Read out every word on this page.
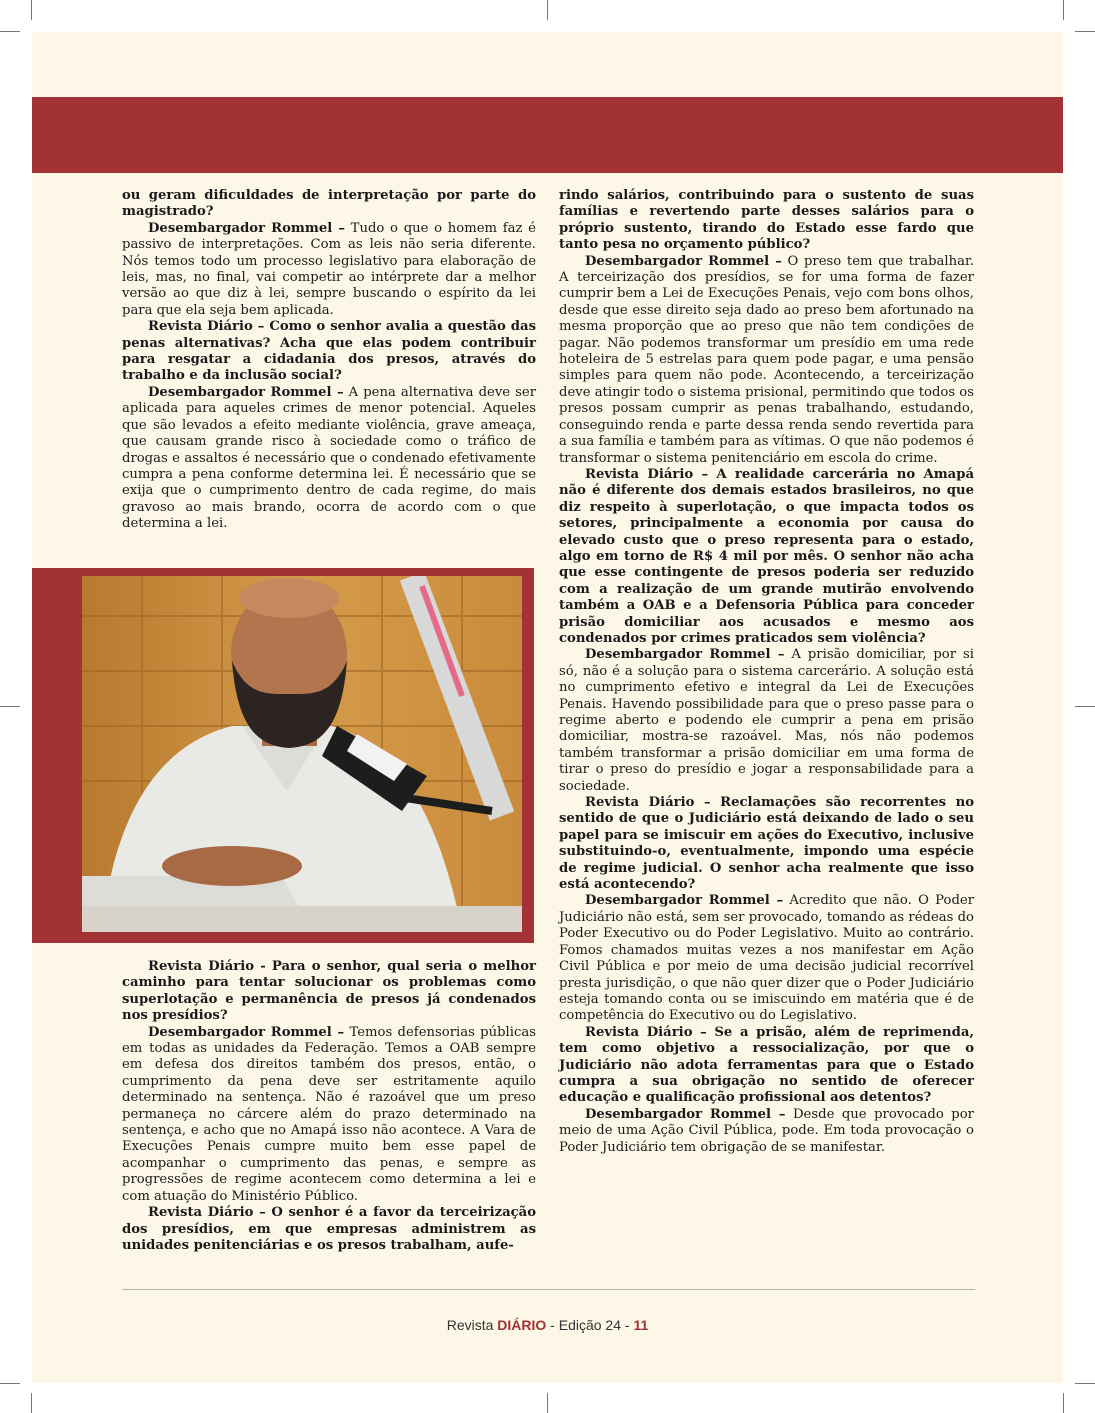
ou geram dificuldades de interpretação por parte do magistrado?

Desembargador Rommel – Tudo o que o homem faz é passivo de interpretações. Com as leis não seria diferente. Nós temos todo um processo legislativo para elaboração de leis, mas, no final, vai competir ao intérprete dar a melhor versão ao que diz à lei, sempre buscando o espírito da lei para que ela seja bem aplicada.

Revista Diário – Como o senhor avalia a questão das penas alternativas? Acha que elas podem contribuir para resgatar a cidadania dos presos, através do trabalho e da inclusão social?

Desembargador Rommel – A pena alternativa deve ser aplicada para aqueles crimes de menor potencial. Aqueles que são levados a efeito mediante violência, grave ameaça, que causam grande risco à sociedade como o tráfico de drogas e assaltos é necessário que o condenado efetivamente cumpra a pena conforme determina lei. É necessário que se exija que o cumprimento dentro de cada regime, do mais gravoso ao mais brando, ocorra de acordo com o que determina a lei.

Revista Diário - Para o senhor, qual seria o melhor caminho para tentar solucionar os problemas como superlotação e permanência de presos já condenados nos presídios?

Desembargador Rommel – Temos defensorias públicas em todas as unidades da Federação. Temos a OAB sempre em defesa dos direitos também dos presos, então, o cumprimento da pena deve ser estritamente aquilo determinado na sentença. Não é razoável que um preso permaneça no cárcere além do prazo determinado na sentença, e acho que no Amapá isso não acontece. A Vara de Execuções Penais cumpre muito bem esse papel de acompanhar o cumprimento das penas, e sempre as progressões de regime acontecem como determina a lei e com atuação do Ministério Público.

Revista Diário – O senhor é a favor da terceirização dos presídios, em que empresas administrem as unidades penitenciárias e os presos trabalham, aufe-

rindo salários, contribuindo para o sustento de suas famílias e revertendo parte desses salários para o próprio sustento, tirando do Estado esse fardo que tanto pesa no orçamento público?

Desembargador Rommel – O preso tem que trabalhar. A terceirização dos presídios, se for uma forma de fazer cumprir bem a Lei de Execuções Penais, vejo com bons olhos, desde que esse direito seja dado ao preso bem afortunado na mesma proporção que ao preso que não tem condições de pagar. Não podemos transformar um presídio em uma rede hoteleira de 5 estrelas para quem pode pagar, e uma pensão simples para quem não pode. Acontecendo, a terceirização deve atingir todo o sistema prisional, permitindo que todos os presos possam cumprir as penas trabalhando, estudando, conseguindo renda e parte dessa renda sendo revertida para a sua família e também para as vítimas. O que não podemos é transformar o sistema penitenciário em escola do crime.

Revista Diário – A realidade carcerária no Amapá não é diferente dos demais estados brasileiros, no que diz respeito à superlotação, o que impacta todos os setores, principalmente a economia por causa do elevado custo que o preso representa para o estado, algo em torno de R$ 4 mil por mês. O senhor não acha que esse contingente de presos poderia ser reduzido com a realização de um grande mutirão envolvendo também a OAB e a Defensoria Pública para conceder prisão domiciliar aos acusados e mesmo aos condenados por crimes praticados sem violência?

Desembargador Rommel – A prisão domiciliar, por si só, não é a solução para o sistema carcerário. A solução está no cumprimento efetivo e integral da Lei de Execuções Penais. Havendo possibilidade para que o preso passe para o regime aberto e podendo ele cumprir a pena em prisão domiciliar, mostra-se razoável. Mas, nós não podemos também transformar a prisão domiciliar em uma forma de tirar o preso do presídio e jogar a responsabilidade para a sociedade.

Revista Diário – Reclamações são recorrentes no sentido de que o Judiciário está deixando de lado o seu papel para se imiscuir em ações do Executivo, inclusive substituindo-o, eventualmente, impondo uma espécie de regime judicial. O senhor acha realmente que isso está acontecendo?

Desembargador Rommel – Acredito que não. O Poder Judiciário não está, sem ser provocado, tomando as rédeas do Poder Executivo ou do Poder Legislativo. Muito ao contrário. Fomos chamados muitas vezes a nos manifestar em Ação Civil Pública e por meio de uma decisão judicial recorrível presta jurisdição, o que não quer dizer que o Poder Judiciário esteja tomando conta ou se imiscuindo em matéria que é de competência do Executivo ou do Legislativo.

Revista Diário – Se a prisão, além de reprimenda, tem como objetivo a ressocialização, por que o Judiciário não adota ferramentas para que o Estado cumpra a sua obrigação no sentido de oferecer educação e qualificação profissional aos detentos?

Desembargador Rommel – Desde que provocado por meio de uma Ação Civil Pública, pode. Em toda provocação o Poder Judiciário tem obrigação de se manifestar.

Revista DIÁRIO - Edição 24 - 11
